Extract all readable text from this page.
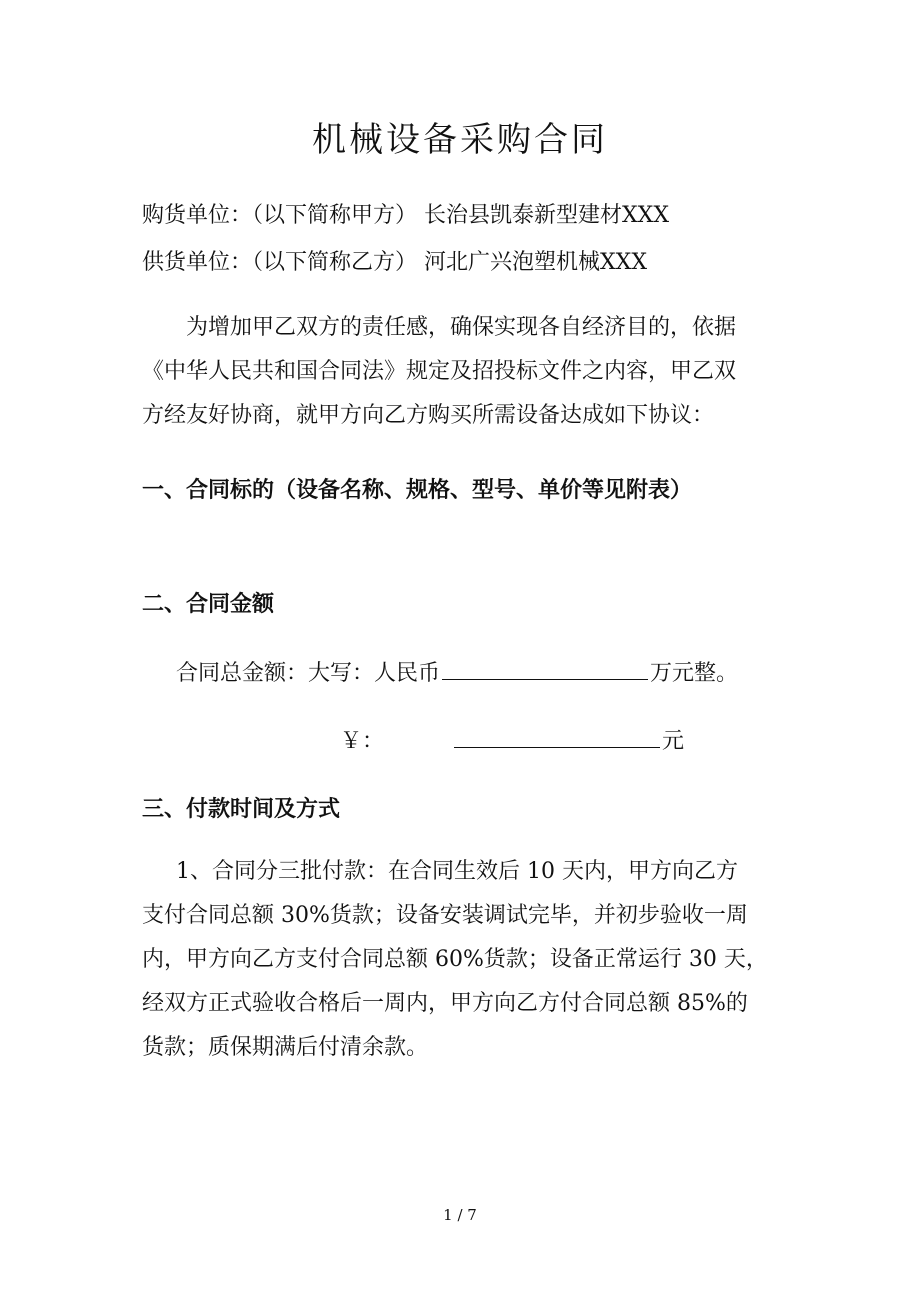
机械设备采购合同
购货单位：（以下简称甲方） 长治县凯泰新型建材XXX
供货单位：（以下简称乙方） 河北广兴泡塑机械XXX
为增加甲乙双方的责任感，确保实现各自经济目的，依据
《中华人民共和国合同法》规定及招投标文件之内容，甲乙双
方经友好协商，就甲方向乙方购买所需设备达成如下协议：
一、合同标的（设备名称、规格、型号、单价等见附表）
二、合同金额
合同总金额：大写：人民币	万元整。
￥：	元
三、付款时间及方式
1、合同分三批付款：在合同生效后 10 天内，甲方向乙方
支付合同总额 30%货款；设备安装调试完毕，并初步验收一周
内，甲方向乙方支付合同总额 60%货款；设备正常运行 30 天，
经双方正式验收合格后一周内，甲方向乙方付合同总额 85%的
货款；质保期满后付清余款。
1 / 7
